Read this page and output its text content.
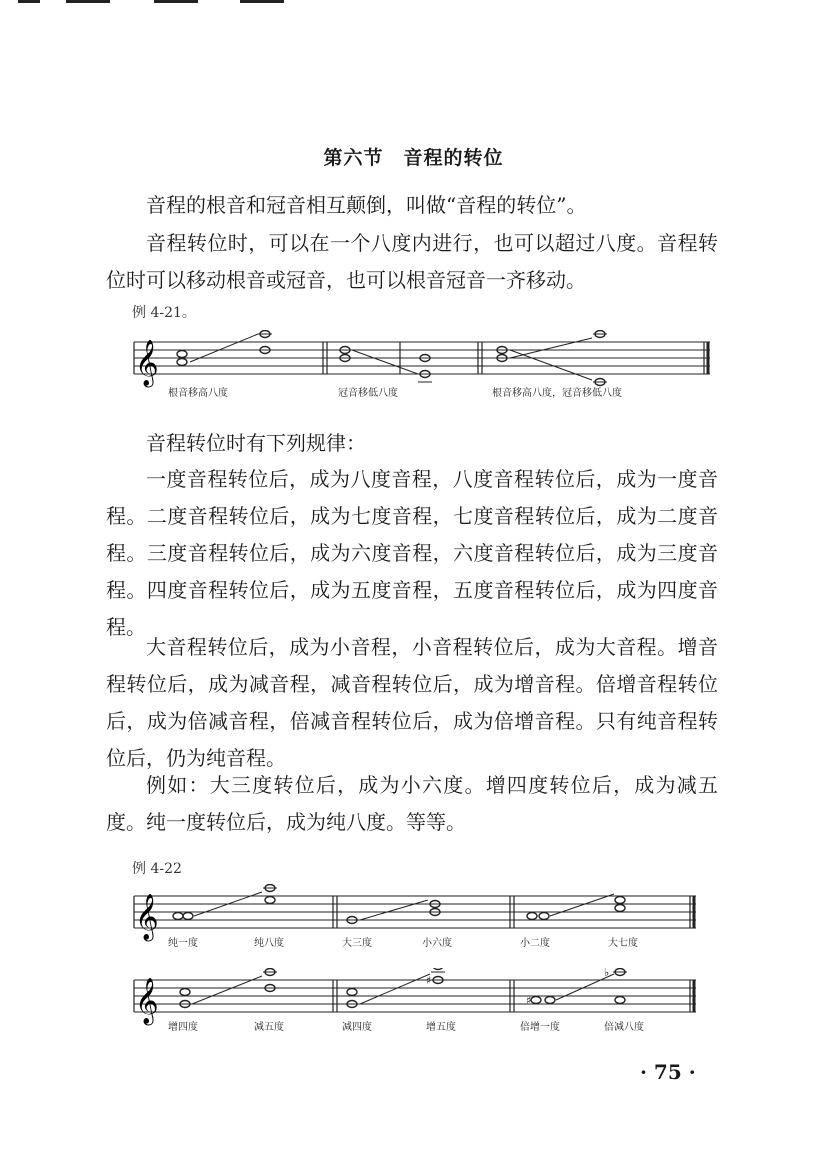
第六节　音程的转位

音程的根音和冠音相互颠倒，叫做“音程的转位”。

音程转位时，可以在一个八度内进行，也可以超过八度。音程转位时可以移动根音或冠音，也可以根音冠音一齐移动。

例 4-21。
𝄞
根音移高八度	冠音移低八度	根音移高八度，冠音移低八度

音程转位时有下列规律：

一度音程转位后，成为八度音程，八度音程转位后，成为一度音程。二度音程转位后，成为七度音程，七度音程转位后，成为二度音程。三度音程转位后，成为六度音程，六度音程转位后，成为三度音程。四度音程转位后，成为五度音程，五度音程转位后，成为四度音程。

大音程转位后，成为小音程，小音程转位后，成为大音程。增音程转位后，成为减音程，减音程转位后，成为增音程。倍增音程转位后，成为倍减音程，倍减音程转位后，成为倍增音程。只有纯音程转位后，仍为纯音程。

例如：大三度转位后，成为小六度。增四度转位后，成为减五度。纯一度转位后，成为纯八度。等等。

例 4-22
𝄞
纯一度	纯八度	大三度	小六度	小二度	大七度
𝄞	♯
♭
♯
增四度	减五度	减四度	增五度	倍增一度	倍减八度
· 75 ·
